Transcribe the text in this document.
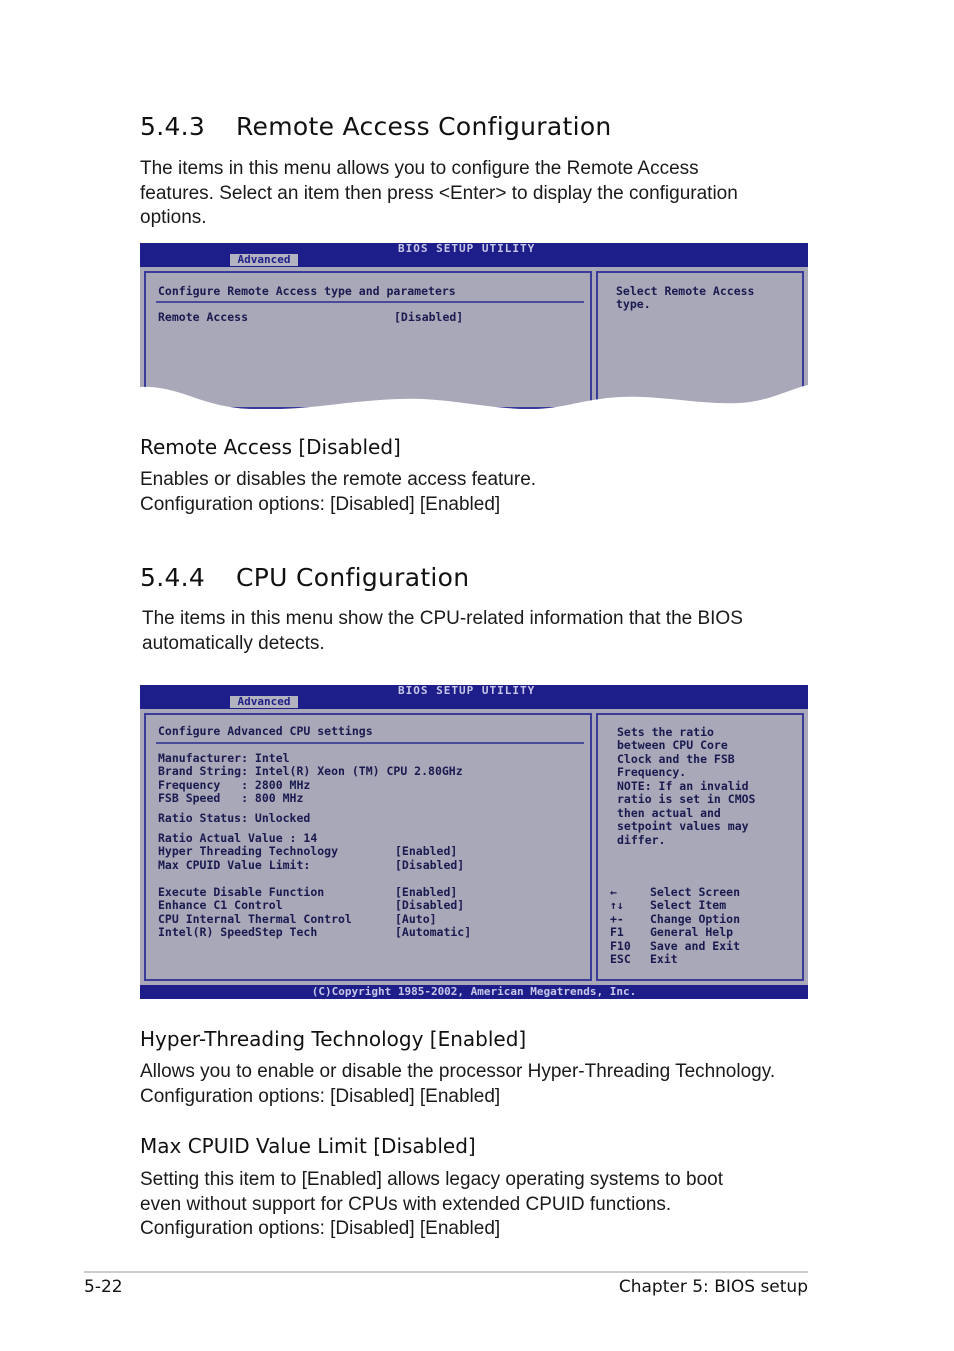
5.4.3 Remote Access Configuration

The items in this menu allows you to configure the Remote Access
features. Select an item then press <Enter> to display the configuration
options.

BIOS SETUP UTILITY
Advanced
Configure Remote Access type and parameters
Remote Access	[Disabled]
Select Remote Access
type.
Remote Access [Disabled]

Enables or disables the remote access feature.
Configuration options: [Disabled] [Enabled]

5.4.4 CPU Configuration

The items in this menu show the CPU-related information that the BIOS
automatically detects.

BIOS SETUP UTILITY
Advanced
Configure Advanced CPU settings
Manufacturer: Intel
Brand String: Intel(R) Xeon (TM) CPU 2.80GHz
Frequency   : 2800 MHz
FSB Speed   : 800 MHz
Ratio Status: Unlocked
Ratio Actual Value : 14
Hyper Threading Technology	[Enabled]
Max CPUID Value Limit:	[Disabled]
Execute Disable Function	[Enabled]
Enhance C1 Control	[Disabled]
CPU Internal Thermal Control	[Auto]
Intel(R) SpeedStep Tech	[Automatic]
Sets the ratio
between CPU Core
Clock and the FSB
Frequency.
NOTE: If an invalid
ratio is set in CMOS
then actual and
setpoint values may
differ.
←	Select Screen
↑↓ Select Item
+- Change Option
F1 General Help
F10 Save and Exit
ESC Exit
(C)Copyright 1985-2002, American Megatrends, Inc.
Hyper-Threading Technology [Enabled]

Allows you to enable or disable the processor Hyper-Threading Technology.
Configuration options: [Disabled] [Enabled]

Max CPUID Value Limit [Disabled]

Setting this item to [Enabled] allows legacy operating systems to boot
even without support for CPUs with extended CPUID functions.
Configuration options: [Disabled] [Enabled]

5-22	Chapter 5: BIOS setup
